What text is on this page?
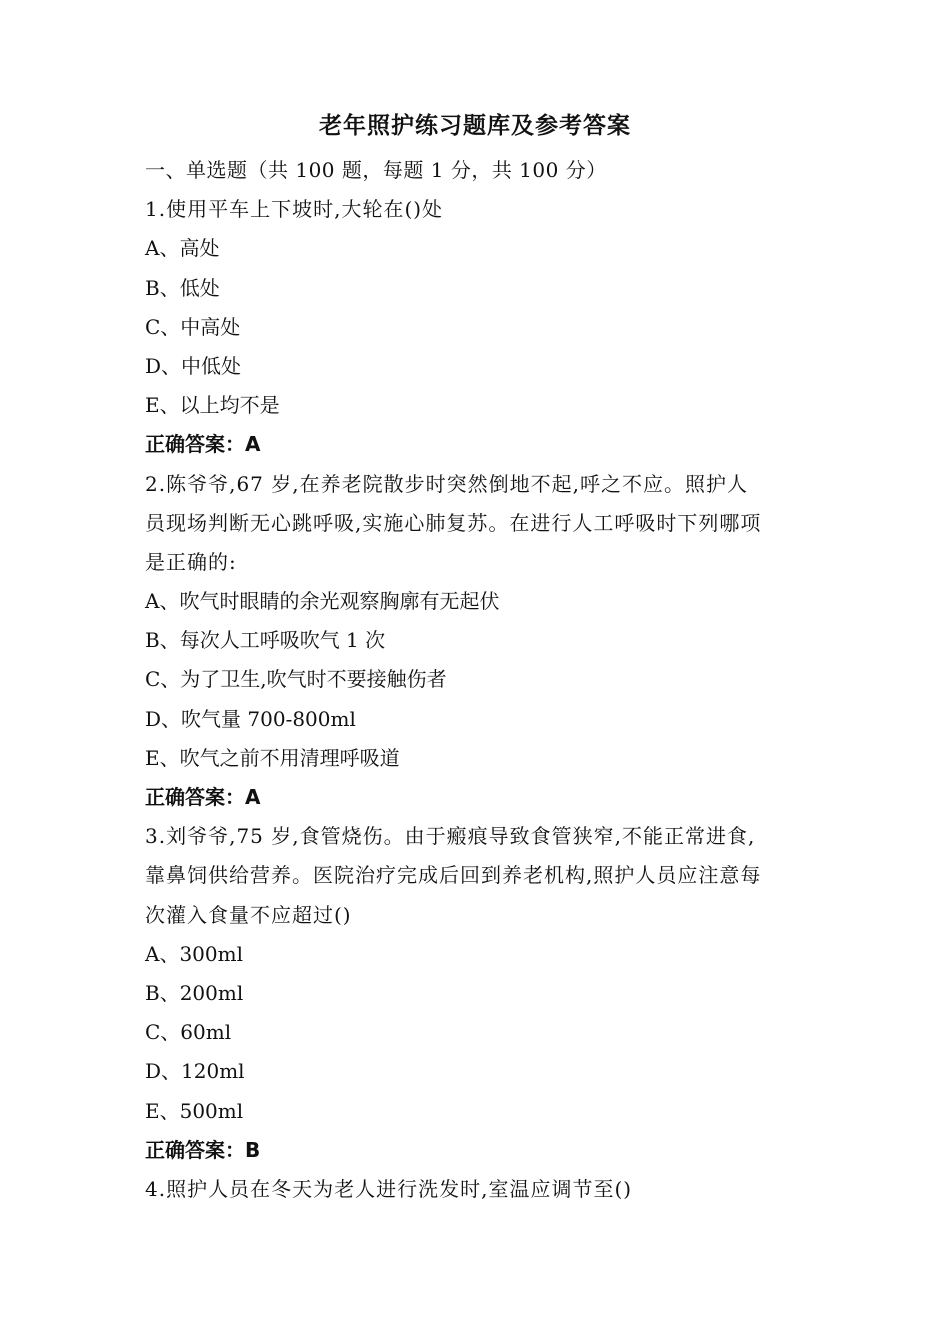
老年照护练习题库及参考答案
一、单选题（共 100 题，每题 1 分，共 100 分）
1.使用平车上下坡时,大轮在()处
A、高处
B、低处
C、中高处
D、中低处
E、以上均不是
正确答案：A
2.陈爷爷,67 岁,在养老院散步时突然倒地不起,呼之不应。照护人
员现场判断无心跳呼吸,实施心肺复苏。在进行人工呼吸时下列哪项
是正确的:
A、吹气时眼睛的余光观察胸廓有无起伏
B、每次人工呼吸吹气 1 次
C、为了卫生,吹气时不要接触伤者
D、吹气量 700-800ml
E、吹气之前不用清理呼吸道
正确答案：A
3.刘爷爷,75 岁,食管烧伤。由于瘢痕导致食管狭窄,不能正常进食,
靠鼻饲供给营养。医院治疗完成后回到养老机构,照护人员应注意每
次灌入食量不应超过()
A、300ml
B、200ml
C、60ml
D、120ml
E、500ml
正确答案：B
4.照护人员在冬天为老人进行洗发时,室温应调节至()
